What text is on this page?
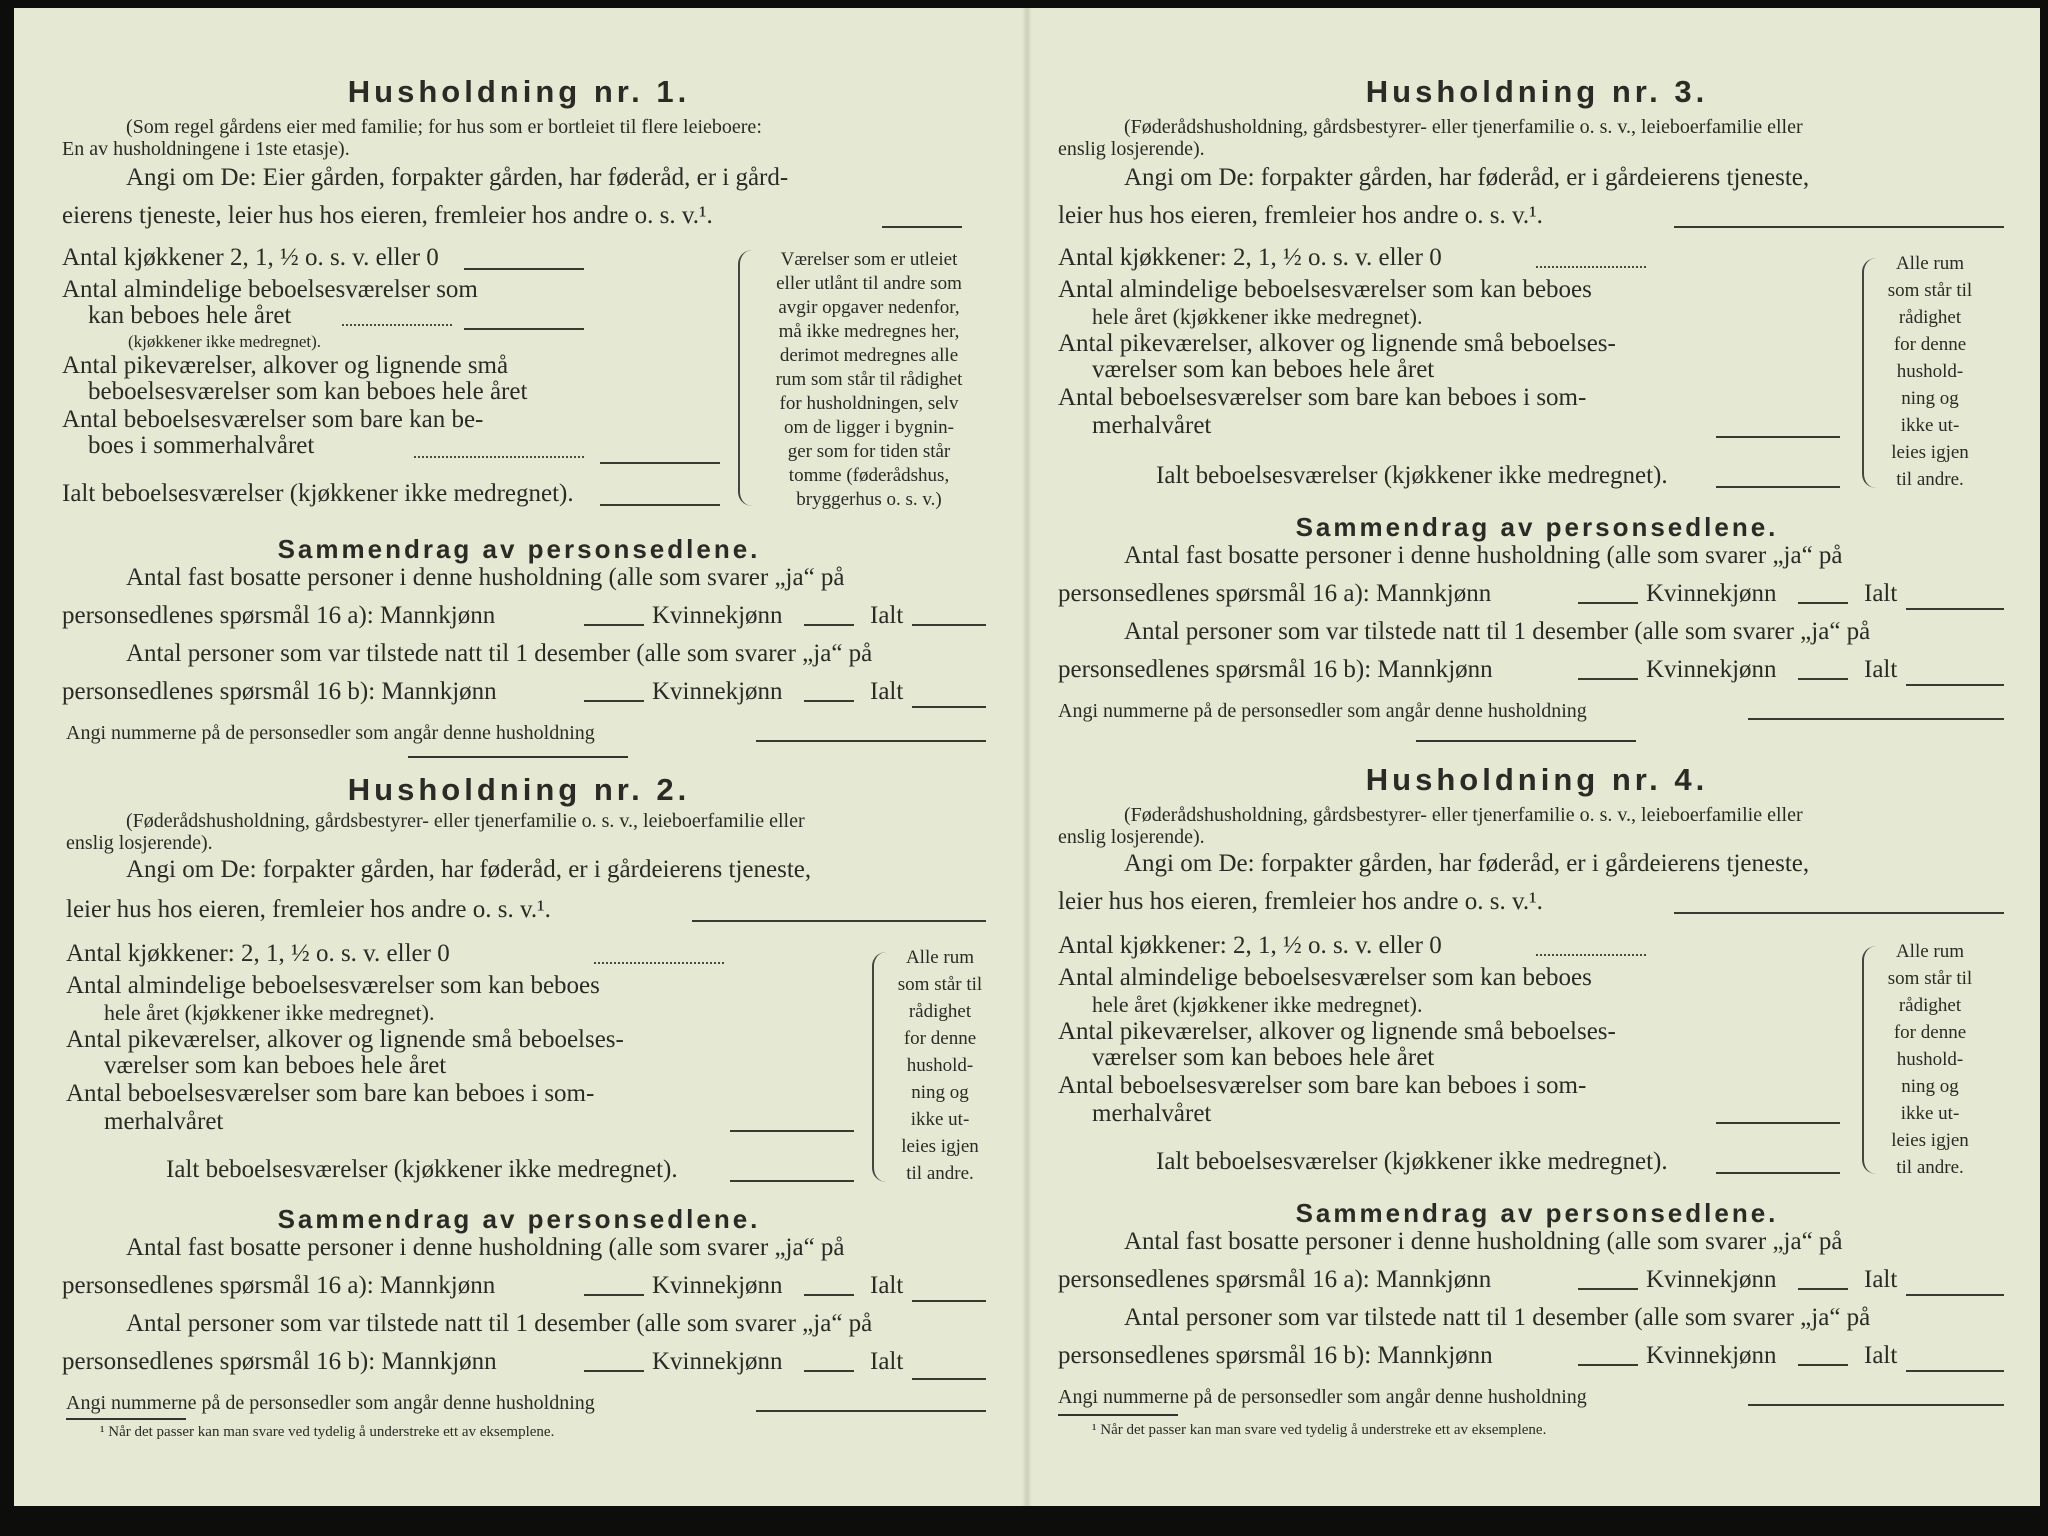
Husholdning nr. 1.
(Som regel gårdens eier med familie; for hus som er bortleiet til flere leieboere:
En av husholdningene i 1ste etasje).
Angi om De: Eier gården, forpakter gården, har føderåd, er i gård-
eierens tjeneste, leier hus hos eieren, fremleier hos andre o. s. v.¹.
Antal kjøkkener 2, 1, ½ o. s. v. eller 0
Antal almindelige beboelsesværelser som
kan beboes hele året
(kjøkkener ikke medregnet).
Antal pikeværelser, alkover og lignende små
beboelsesværelser som kan beboes hele året
Antal beboelsesværelser som bare kan be-
boes i sommerhalvåret
Ialt beboelsesværelser (kjøkkener ikke medregnet).
Værelser som er utleiet
eller utlånt til andre som
avgir opgaver nedenfor,
må ikke medregnes her,
derimot medregnes alle
rum som står til rådighet
for husholdningen, selv
om de ligger i bygnin-
ger som for tiden står
tomme (føderådshus,
bryggerhus o. s. v.)
Sammendrag av personsedlene.
Antal fast bosatte personer i denne husholdning (alle som svarer „ja“ på
personsedlenes spørsmål 16 a): Mannkjønn	Kvinnekjønn	Ialt
Antal personer som var tilstede natt til 1 desember (alle som svarer „ja“ på
personsedlenes spørsmål 16 b): Mannkjønn	Kvinnekjønn	Ialt
Angi nummerne på de personsedler som angår denne husholdning
Husholdning nr. 2.
(Føderådshusholdning, gårdsbestyrer- eller tjenerfamilie o. s. v., leieboerfamilie eller
enslig losjerende).
Angi om De: forpakter gården, har føderåd, er i gårdeierens tjeneste,
leier hus hos eieren, fremleier hos andre o. s. v.¹.
Antal kjøkkener: 2, 1, ½ o. s. v. eller 0
Antal almindelige beboelsesværelser som kan beboes
hele året (kjøkkener ikke medregnet).
Antal pikeværelser, alkover og lignende små beboelses-
værelser som kan beboes hele året
Antal beboelsesværelser som bare kan beboes i som-
merhalvåret
Ialt beboelsesværelser (kjøkkener ikke medregnet).
Alle rum
som står til
rådighet
for denne
hushold-
ning og
ikke ut-
leies igjen
til andre.
Sammendrag av personsedlene.
Antal fast bosatte personer i denne husholdning (alle som svarer „ja“ på
personsedlenes spørsmål 16 a): Mannkjønn	Kvinnekjønn	Ialt
Antal personer som var tilstede natt til 1 desember (alle som svarer „ja“ på
personsedlenes spørsmål 16 b): Mannkjønn	Kvinnekjønn	Ialt
Angi nummerne på de personsedler som angår denne husholdning
¹ Når det passer kan man svare ved tydelig å understreke ett av eksemplene.
Husholdning nr. 3.
(Føderådshusholdning, gårdsbestyrer- eller tjenerfamilie o. s. v., leieboerfamilie eller
enslig losjerende).
Angi om De: forpakter gården, har føderåd, er i gårdeierens tjeneste,
leier hus hos eieren, fremleier hos andre o. s. v.¹.
Antal kjøkkener: 2, 1, ½ o. s. v. eller 0
Antal almindelige beboelsesværelser som kan beboes
hele året (kjøkkener ikke medregnet).
Antal pikeværelser, alkover og lignende små beboelses-
værelser som kan beboes hele året
Antal beboelsesværelser som bare kan beboes i som-
merhalvåret
Ialt beboelsesværelser (kjøkkener ikke medregnet).
Alle rum
som står til
rådighet
for denne
hushold-
ning og
ikke ut-
leies igjen
til andre.
Sammendrag av personsedlene.
Antal fast bosatte personer i denne husholdning (alle som svarer „ja“ på
personsedlenes spørsmål 16 a): Mannkjønn	Kvinnekjønn	Ialt
Antal personer som var tilstede natt til 1 desember (alle som svarer „ja“ på
personsedlenes spørsmål 16 b): Mannkjønn	Kvinnekjønn	Ialt
Angi nummerne på de personsedler som angår denne husholdning
Husholdning nr. 4.
(Føderådshusholdning, gårdsbestyrer- eller tjenerfamilie o. s. v., leieboerfamilie eller
enslig losjerende).
Angi om De: forpakter gården, har føderåd, er i gårdeierens tjeneste,
leier hus hos eieren, fremleier hos andre o. s. v.¹.
Antal kjøkkener: 2, 1, ½ o. s. v. eller 0
Antal almindelige beboelsesværelser som kan beboes
hele året (kjøkkener ikke medregnet).
Antal pikeværelser, alkover og lignende små beboelses-
værelser som kan beboes hele året
Antal beboelsesværelser som bare kan beboes i som-
merhalvåret
Ialt beboelsesværelser (kjøkkener ikke medregnet).
Alle rum
som står til
rådighet
for denne
hushold-
ning og
ikke ut-
leies igjen
til andre.
Sammendrag av personsedlene.
Antal fast bosatte personer i denne husholdning (alle som svarer „ja“ på
personsedlenes spørsmål 16 a): Mannkjønn	Kvinnekjønn	Ialt
Antal personer som var tilstede natt til 1 desember (alle som svarer „ja“ på
personsedlenes spørsmål 16 b): Mannkjønn	Kvinnekjønn	Ialt
Angi nummerne på de personsedler som angår denne husholdning
¹ Når det passer kan man svare ved tydelig å understreke ett av eksemplene.
